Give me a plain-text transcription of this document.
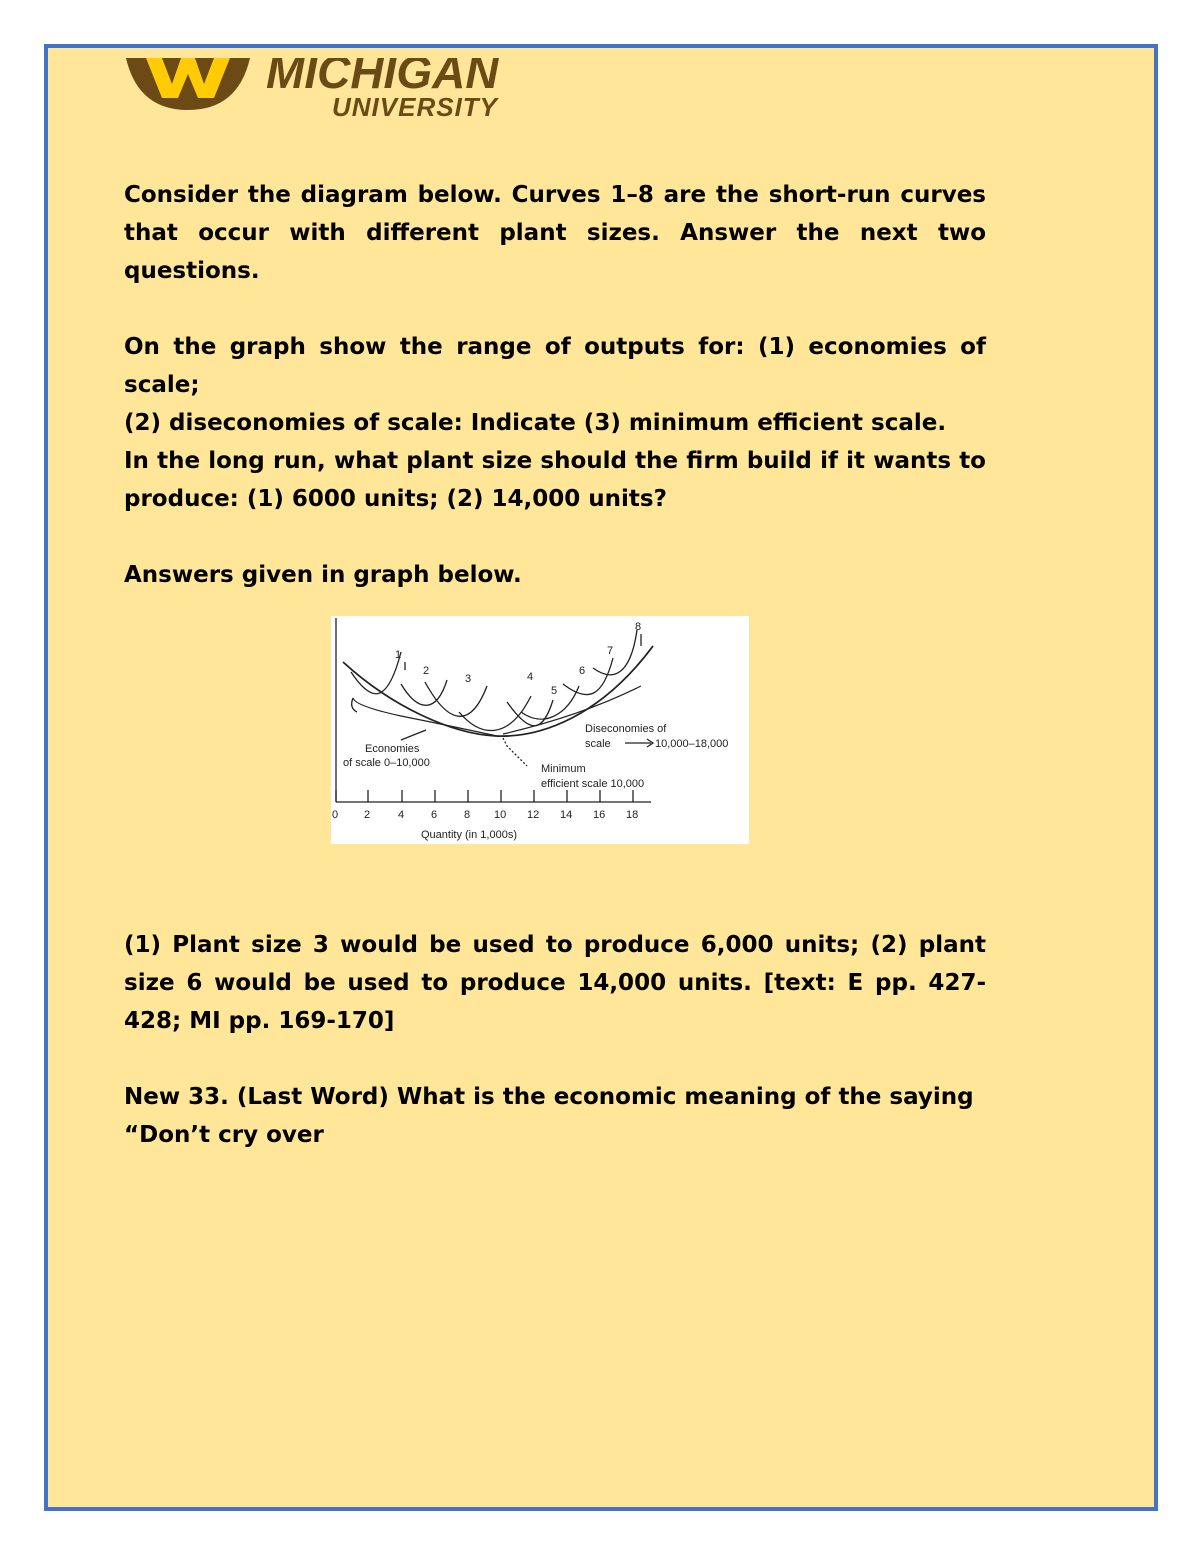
MICHIGAN
UNIVERSITY

Consider the diagram below. Curves 1–8 are the short-run curves that occur with different plant sizes. Answer the next two questions.

On the graph show the range of outputs for: (1) economies of scale;

(2) diseconomies of scale: Indicate (3) minimum efficient scale.

In the long run, what plant size should the firm build if it wants to produce: (1) 6000 units; (2) 14,000 units?

Answers given in graph below.

1
2
3	4
5
6
7
8
Economies
of scale 0–10,000
Diseconomies of
scale	10,000–18,000
Minimum
efficient scale 10,000
0 2	4 6 8 10 12 14 16 18
Quantity (in 1,000s)

(1) Plant size 3 would be used to produce 6,000 units; (2) plant size 6 would be used to produce 14,000 units. [text: E pp. 427-428; MI pp. 169-170]

New 33. (Last Word) What is the economic meaning of the saying “Don’t cry over
